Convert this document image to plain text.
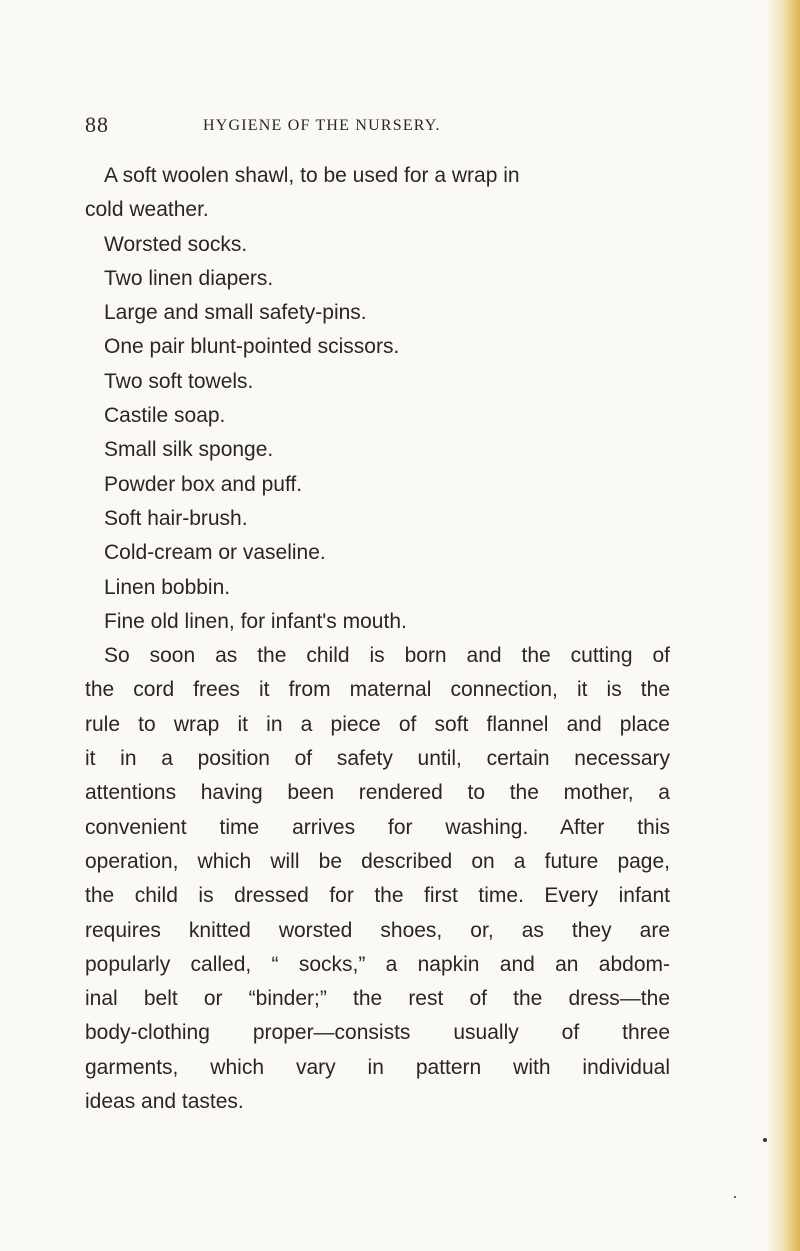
88	HYGIENE OF THE NURSERY.
A soft woolen shawl, to be used for a wrap in
cold weather.
Worsted socks.
Two linen diapers.
Large and small safety-pins.
One pair blunt-pointed scissors.
Two soft towels.
Castile soap.
Small silk sponge.
Powder box and puff.
Soft hair-brush.
Cold-cream or vaseline.
Linen bobbin.
Fine old linen, for infant's mouth.
So soon as the child is born and the cutting of
the cord frees it from maternal connection, it is the
rule to wrap it in a piece of soft flannel and place
it in a position of safety until, certain necessary
attentions having been rendered to the mother, a
convenient time arrives for washing. After this
operation, which will be described on a future page,
the child is dressed for the first time. Every infant
requires knitted worsted shoes, or, as they are
popularly called, “ socks,” a napkin and an abdom-
inal belt or “binder;” the rest of the dress—the
body-clothing proper—consists usually of three
garments, which vary in pattern with individual
ideas and tastes.
